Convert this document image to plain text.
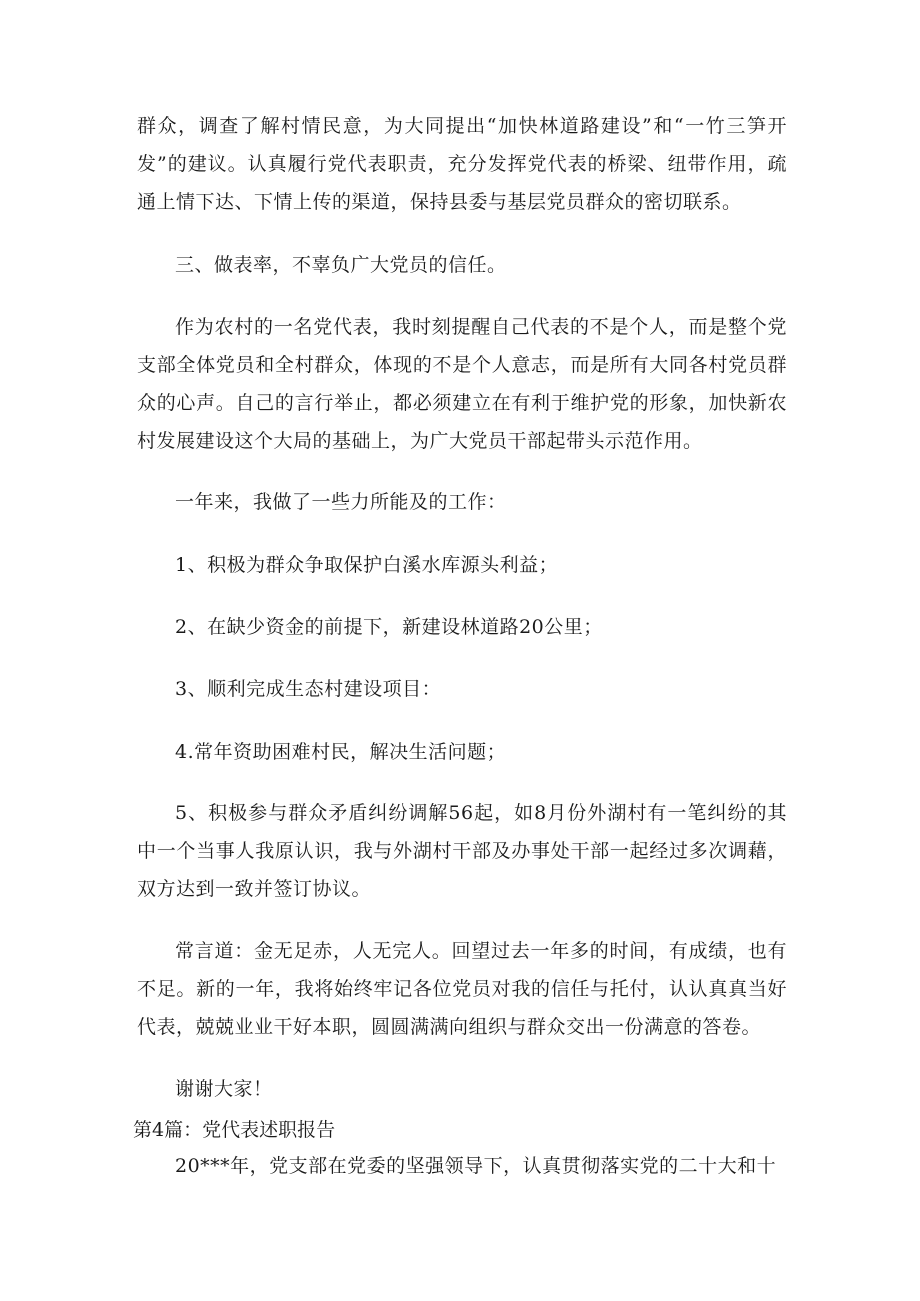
群众，调查了解村情民意，为大同提出“加快林道路建设”和“一竹三笋开发”的建议。认真履行党代表职责，充分发挥党代表的桥梁、纽带作用，疏通上情下达、下情上传的渠道，保持县委与基层党员群众的密切联系。

三、做表率，不辜负广大党员的信任。

作为农村的一名党代表，我时刻提醒自己代表的不是个人，而是整个党支部全体党员和全村群众，体现的不是个人意志，而是所有大同各村党员群众的心声。自己的言行举止，都必须建立在有利于维护党的形象，加快新农村发展建设这个大局的基础上，为广大党员干部起带头示范作用。

一年来，我做了一些力所能及的工作：

1、积极为群众争取保护白溪水库源头利益；

2、在缺少资金的前提下，新建设林道路20公里；

3、顺利完成生态村建设项目：

4.常年资助困难村民，解决生活问题；

5、积极参与群众矛盾纠纷调解56起，如8月份外湖村有一笔纠纷的其中一个当事人我原认识，我与外湖村干部及办事处干部一起经过多次调藉，双方达到一致并签订协议。

常言道：金无足赤，人无完人。回望过去一年多的时间，有成绩，也有不足。新的一年，我将始终牢记各位党员对我的信任与托付，认认真真当好代表，兢兢业业干好本职，圆圆满满向组织与群众交出一份满意的答卷。

谢谢大家！

第4篇：党代表述职报告

20***年，党支部在党委的坚强领导下，认真贯彻落实党的二十大和十
